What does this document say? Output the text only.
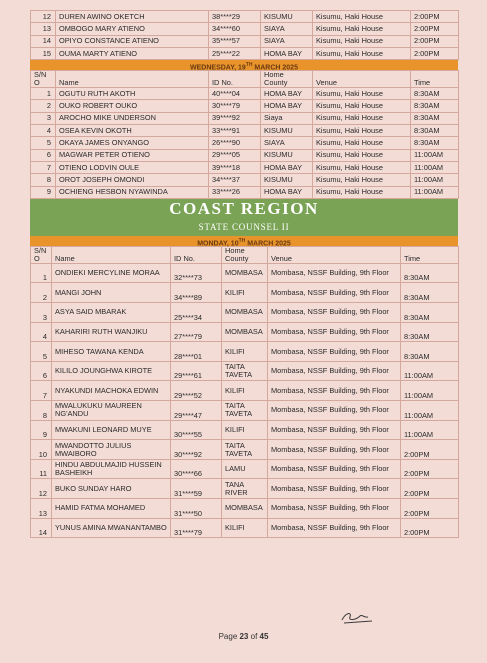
12	DUREN AWINO OKETCH	38****29	KISUMU	Kisumu, Haki House	2:00PM
13	OMBOGO MARY ATIENO	34****60	SIAYA	Kisumu, Haki House	2:00PM
14	OPIYO CONSTANCE ATIENO	35****57	SIAYA	Kisumu, Haki House	2:00PM
15	OUMA MARTY ATIENO	25****22	HOMA BAY	Kisumu, Haki House	2:00PM
WEDNESDAY, 19TH MARCH 2025
S/N O	Name	ID No.	Home County	Venue	Time
1	OGUTU RUTH AKOTH	40****04	HOMA BAY	Kisumu, Haki House	8:30AM
2	OUKO ROBERT OUKO	30****79	HOMA BAY	Kisumu, Haki House	8:30AM
3	AROCHO MIKE UNDERSON	39****92	Siaya	Kisumu, Haki House	8:30AM
4	OSEA KEVIN OKOTH	33****91	KISUMU	Kisumu, Haki House	8:30AM
5	OKAYA JAMES ONYANGO	26****90	SIAYA	Kisumu, Haki House	8:30AM
6	MAGWAR PETER OTIENO	29****05	KISUMU	Kisumu, Haki House	11:00AM
7	OTIENO LODVIN OULE	39****18	HOMA BAY	Kisumu, Haki House	11:00AM
8	OROT JOSEPH OMONDI	34****37	KISUMU	Kisumu, Haki House	11:00AM
9	OCHIENG HESBON NYAWINDA	33****26	HOMA BAY	Kisumu, Haki House	11:00AM
COAST REGION
STATE COUNSEL II
MONDAY, 10TH MARCH 2025
S/N O	Name	ID No.	Home County	Venue	Time
1	ONDIEKI MERCYLINE MORAA	32****73	MOMBASA	Mombasa, NSSF Building, 9th Floor	8:30AM
2	MANGI JOHN	34****89	KILIFI	Mombasa, NSSF Building, 9th Floor	8:30AM
3	ASYA SAID MBARAK	25****34	MOMBASA	Mombasa, NSSF Building, 9th Floor	8:30AM
4	KAHARIRI RUTH WANJIKU	27****79	MOMBASA	Mombasa, NSSF Building, 9th Floor	8:30AM
5	MIHESO TAWANA KENDA	28****01	KILIFI	Mombasa, NSSF Building, 9th Floor	8:30AM
6	KILILO JOUNGHWA KIROTE	29****61	TAITA TAVETA	Mombasa, NSSF Building, 9th Floor	11:00AM
7	NYAKUNDI MACHOKA EDWIN	29****52	KILIFI	Mombasa, NSSF Building, 9th Floor	11:00AM
8	MWALUKUKU MAUREEN NG'ANDU	29****47	TAITA TAVETA	Mombasa, NSSF Building, 9th Floor	11:00AM
9	MWAKUNI LEONARD MUYE	30****55	KILIFI	Mombasa, NSSF Building, 9th Floor	11:00AM
10	MWANDOTTO JULIUS MWAIBORO	30****92	TAITA TAVETA	Mombasa, NSSF Building, 9th Floor	2:00PM
11	HINDU ABDULMAJID HUSSEIN BASHEIKH	30****66	LAMU	Mombasa, NSSF Building, 9th Floor	2:00PM
12	BUKO SUNDAY HARO	31****59	TANA RIVER	Mombasa, NSSF Building, 9th Floor	2:00PM
13	HAMID FATMA MOHAMED	31****50	MOMBASA	Mombasa, NSSF Building, 9th Floor	2:00PM
14	YUNUS AMINA MWANANTAMBO	31****79	KILIFI	Mombasa, NSSF Building, 9th Floor	2:00PM
Page 23 of 45
